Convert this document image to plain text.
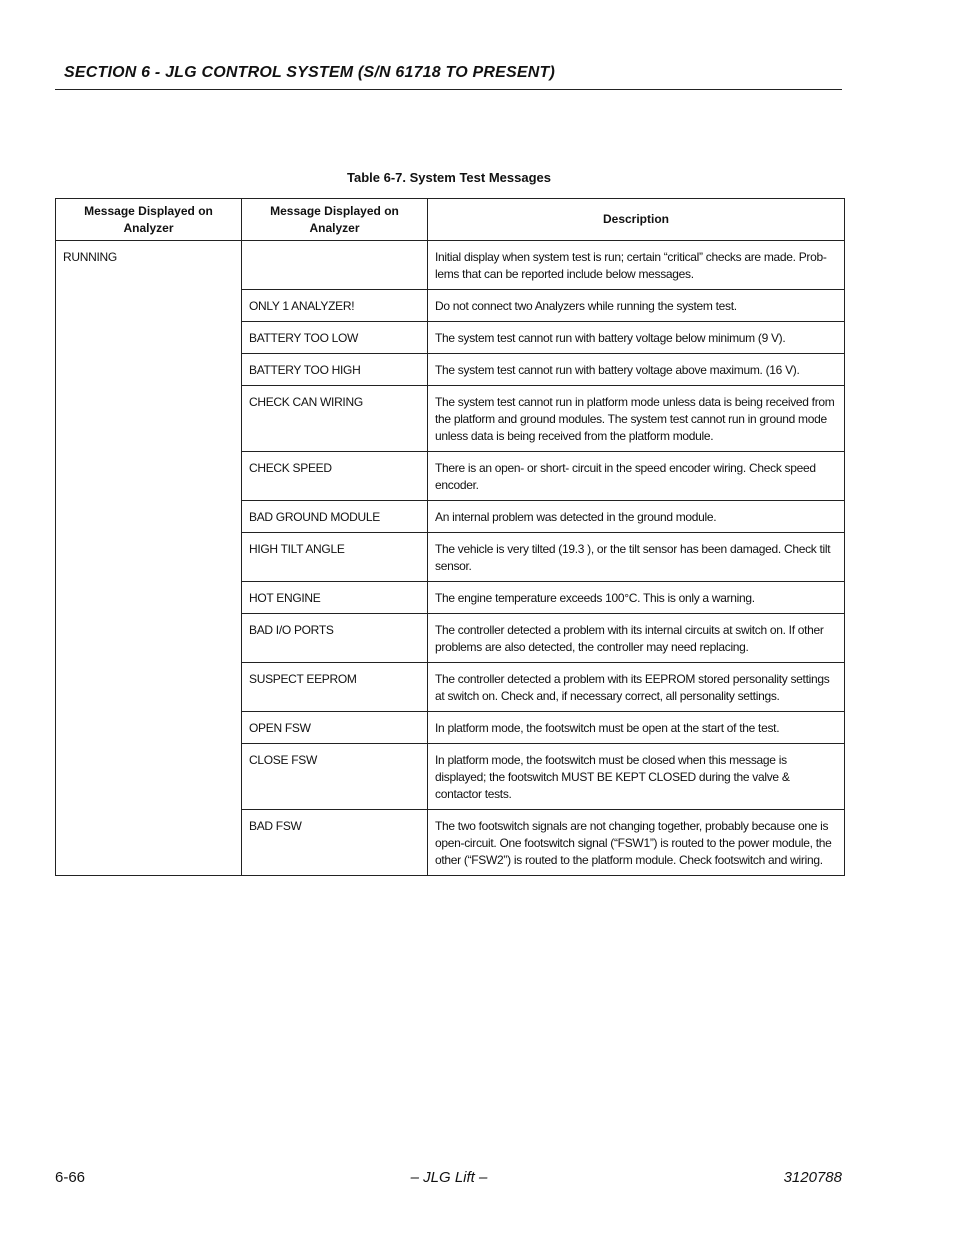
SECTION 6 - JLG CONTROL SYSTEM (S/N 61718 TO PRESENT)
Table 6-7. System Test Messages
Message Displayed on Analyzer	Message Displayed on Analyzer	Description
RUNNING		Initial display when system test is run; certain “critical” checks are made. Prob-lems that can be reported include below messages.
	ONLY 1 ANALYZER!	Do not connect two Analyzers while running the system test.
	BATTERY TOO LOW	The system test cannot run with battery voltage below minimum (9 V).
	BATTERY TOO HIGH	The system test cannot run with battery voltage above maximum. (16 V).
	CHECK CAN WIRING	The system test cannot run in platform mode unless data is being received from the platform and ground modules. The system test cannot run in ground mode unless data is being received from the platform module.
	CHECK SPEED	There is an open- or short- circuit in the speed encoder wiring. Check speed encoder.
	BAD GROUND MODULE	An internal problem was detected in the ground module.
	HIGH TILT ANGLE	The vehicle is very tilted (19.3 ), or the tilt sensor has been damaged. Check tilt sensor.
	HOT ENGINE	The engine temperature exceeds 100°C. This is only a warning.
	BAD I/O PORTS	The controller detected a problem with its internal circuits at switch on. If other problems are also detected, the controller may need replacing.
	SUSPECT EEPROM	The controller detected a problem with its EEPROM stored personality settings at switch on. Check and, if necessary correct, all personality settings.
	OPEN FSW	In platform mode, the footswitch must be open at the start of the test.
	CLOSE FSW	In platform mode, the footswitch must be closed when this message is displayed; the footswitch MUST BE KEPT CLOSED during the valve & contactor tests.
	BAD FSW	The two footswitch signals are not changing together, probably because one is open-circuit. One footswitch signal (“FSW1”) is routed to the power module, the other (“FSW2”) is routed to the platform module. Check footswitch and wiring.
6-66	– JLG Lift –	3120788
